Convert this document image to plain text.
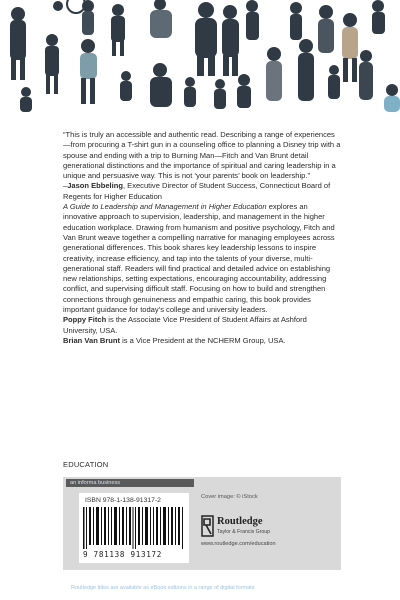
“This is truly an accessible and authentic read. Describing a range of experiences—from procuring a T-shirt gun in a counseling office to planning a Disney trip with a spouse and ending with a trip to Burning Man—Fitch and Van Brunt detail generational distinctions and the importance of spiritual and caring leadership in a unique and persuasive way. This is not ‘your parents’ book on leadership.”

–Jason Ebbeling, Executive Director of Student Success, Connecticut Board of Regents for Higher Education

A Guide to Leadership and Management in Higher Education explores an innovative approach to supervision, leadership, and management in the higher education workplace. Drawing from humanism and positive psychology, Fitch and Van Brunt weave together a compelling narrative for managing employees across generational differences. This book shares key leadership lessons to inspire creativity, increase efficiency, and tap into the talents of your diverse, multi-generational staff. Readers will find practical and detailed advice on establishing new relationships, setting expectations, encouraging accountability, addressing conflict, and supervising difficult staff. Focusing on how to build and strengthen connections through genuineness and empathic caring, this book provides important guidance for today’s college and university leaders.

Poppy Fitch is the Associate Vice President of Student Affairs at Ashford University, USA.

Brian Van Brunt is a Vice President at the NCHERM Group, USA.

EDUCATION
an informa business
ISBN 978-1-138-91317-2
9 781138 913172
Cover image: © iStock
Routledge
Taylor & Francis Group
www.routledge.com/education
Routledge titles are available as eBook editions in a range of digital formats
